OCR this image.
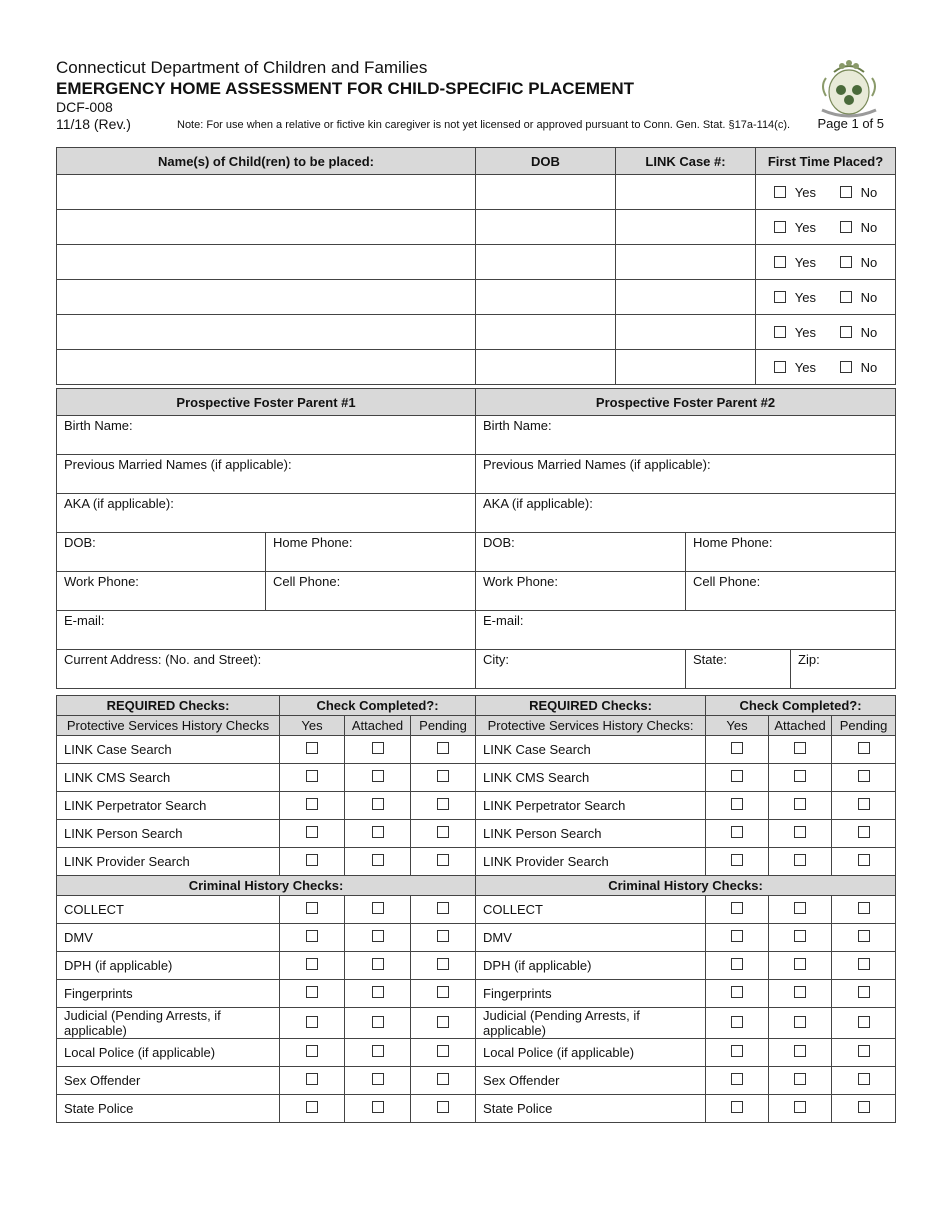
Connecticut Department of Children and Families
EMERGENCY HOME ASSESSMENT FOR CHILD-SPECIFIC PLACEMENT
DCF-008
11/18 (Rev.)	Note: For use when a relative or fictive kin caregiver is not yet licensed or approved pursuant to Conn. Gen. Stat. §17a-114(c). Page 1 of 5
Name(s) of Child(ren) to be placed:	DOB	LINK Case #:	First Time Placed?

			Yes No

			Yes No

			Yes No

			Yes No

			Yes No

			Yes No
Prospective Foster Parent #1		Prospective Foster Parent #2		
Birth Name:		Birth Name:		
Previous Married Names (if applicable):		Previous Married Names (if applicable):		
AKA (if applicable):		AKA (if applicable):		
DOB:	Home Phone:	DOB:	Home Phone:	
Work Phone:	Cell Phone:	Work Phone:	Cell Phone:	
E-mail:		E-mail:		
Current Address: (No. and Street):		City:	State:	Zip:
REQUIRED Checks:	Check Completed?:			REQUIRED Checks:	Check Completed?:		
Protective Services History Checks	Yes	Attached	Pending	Protective Services History Checks:	Yes	Attached	Pending
LINK Case Search				LINK Case Search			
LINK CMS Search				LINK CMS Search			
LINK Perpetrator Search				LINK Perpetrator Search			
LINK Person Search				LINK Person Search			
LINK Provider Search				LINK Provider Search			
Criminal History Checks:				Criminal History Checks:			
COLLECT				COLLECT			
DMV				DMV			
DPH (if applicable)				DPH (if applicable)			
Fingerprints				Fingerprints			
Judicial (Pending Arrests, if applicable)				Judicial (Pending Arrests, if applicable)			
Local Police (if applicable)				Local Police (if applicable)			
Sex Offender				Sex Offender			
State Police				State Police			
